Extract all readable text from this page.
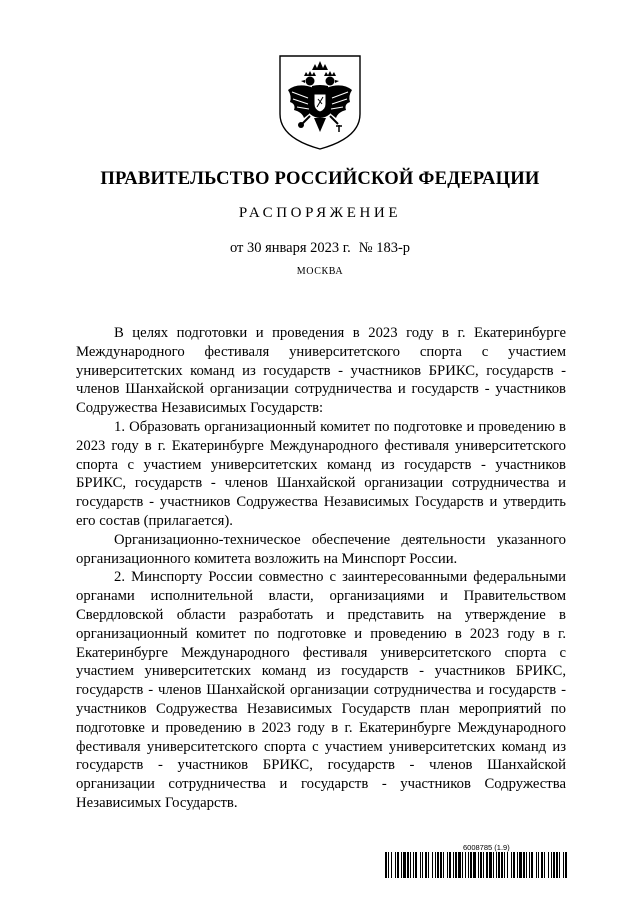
ПРАВИТЕЛЬСТВО РОССИЙСКОЙ ФЕДЕРАЦИИ
РАСПОРЯЖЕНИЕ
от 30 января 2023 г. № 183-р
МОСКВА

В целях подготовки и проведения в 2023 году в г. Екатеринбурге Международного фестиваля университетского спорта с участием университетских команд из государств - участников БРИКС, государств - членов Шанхайской организации сотрудничества и государств - участников Содружества Независимых Государств:

1. Образовать организационный комитет по подготовке и проведению в 2023 году в г. Екатеринбурге Международного фестиваля университетского спорта с участием университетских команд из государств - участников БРИКС, государств - членов Шанхайской организации сотрудничества и государств - участников Содружества Независимых Государств и утвердить его состав (прилагается).

Организационно-техническое обеспечение деятельности указанного организационного комитета возложить на Минспорт России.

2. Минспорту России совместно с заинтересованными федеральными органами исполнительной власти, организациями и Правительством Свердловской области разработать и представить на утверждение в организационный комитет по подготовке и проведению в 2023 году в г. Екатеринбурге Международного фестиваля университетского спорта с участием университетских команд из государств - участников БРИКС, государств - членов Шанхайской организации сотрудничества и государств - участников Содружества Независимых Государств план мероприятий по подготовке и проведению в 2023 году в г. Екатеринбурге Международного фестиваля университетского спорта с участием университетских команд из государств - участников БРИКС, государств - членов Шанхайской организации сотрудничества и государств - участников Содружества Независимых Государств.

6008785 (1.9)
